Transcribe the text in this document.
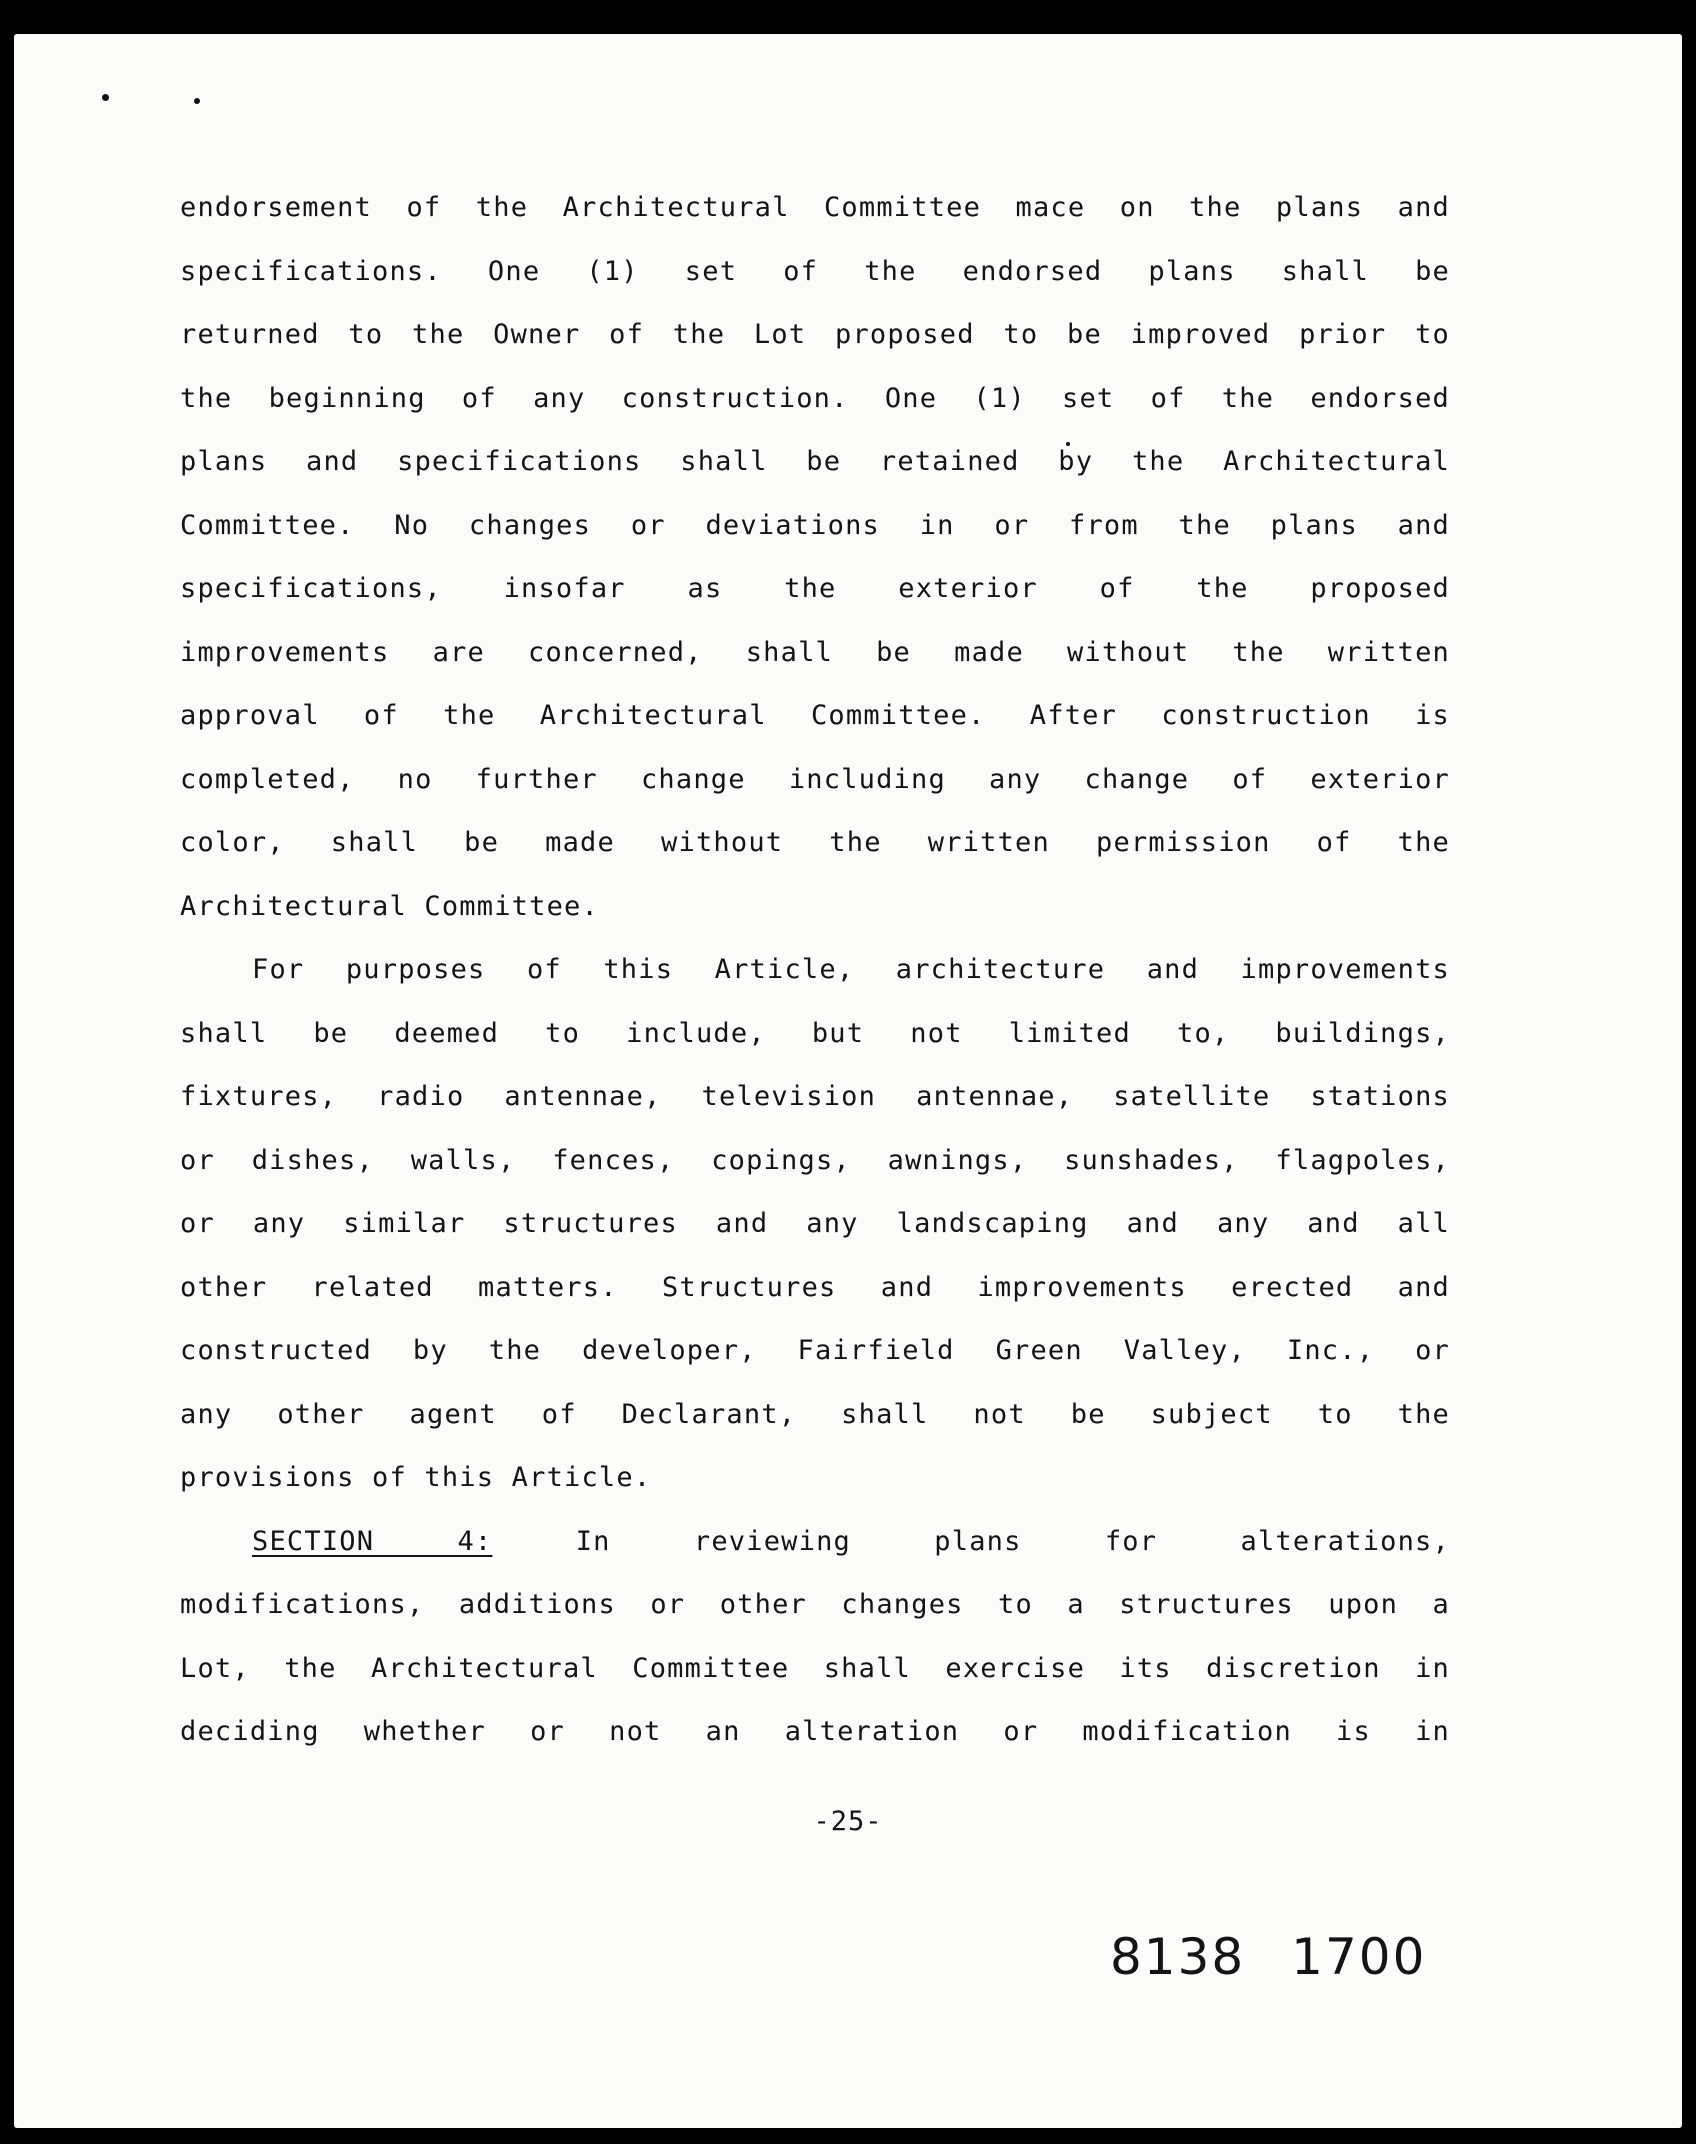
endorsement of the Architectural Committee mace on the plans and
specifications. One (1) set of the endorsed plans shall be
returned to the Owner of the Lot proposed to be improved prior to
the beginning of any construction. One (1) set of the endorsed
plans and specifications shall be retained by the Architectural
Committee. No changes or deviations in or from the plans and
specifications, insofar as the exterior of the proposed
improvements are concerned, shall be made without the written
approval of the Architectural Committee. After construction is
completed, no further change including any change of exterior
color, shall be made without the written permission of the
Architectural Committee.
For purposes of this Article, architecture and improvements
shall be deemed to include, but not limited to, buildings,
fixtures, radio antennae, television antennae, satellite stations
or dishes, walls, fences, copings, awnings, sunshades, flagpoles,
or any similar structures and any landscaping and any and all
other related matters. Structures and improvements erected and
constructed by the developer, Fairfield Green Valley, Inc., or
any other agent of Declarant, shall not be subject to the
provisions of this Article.
SECTION 4:	In reviewing plans for alterations,
modifications, additions or other changes to a structures upon a
Lot, the Architectural Committee shall exercise its discretion in
deciding whether or not an alteration or modification is in
-25-
8138 1700
